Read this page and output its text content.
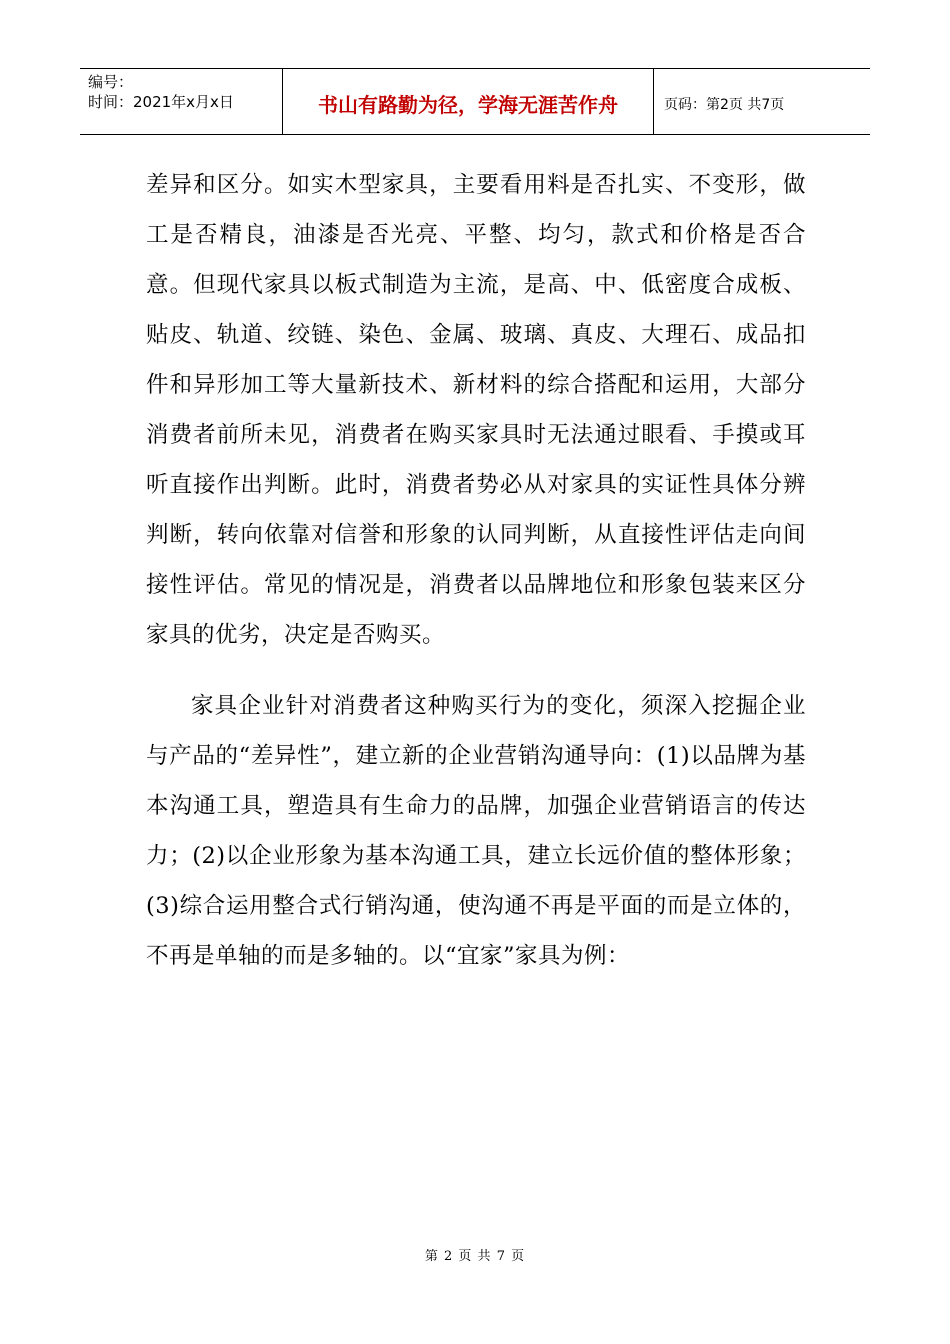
编号：
时间：2021年x月x日	书山有路勤为径，学海无涯苦作舟	页码：第2页 共7页

差异和区分。如实木型家具，主要看用料是否扎实、不变形，做工是否精良，油漆是否光亮、平整、均匀，款式和价格是否合意。但现代家具以板式制造为主流，是高、中、低密度合成板、贴皮、轨道、绞链、染色、金属、玻璃、真皮、大理石、成品扣件和异形加工等大量新技术、新材料的综合搭配和运用，大部分消费者前所未见，消费者在购买家具时无法通过眼看、手摸或耳听直接作出判断。此时，消费者势必从对家具的实证性具体分辨判断，转向依靠对信誉和形象的认同判断，从直接性评估走向间接性评估。常见的情况是，消费者以品牌地位和形象包装来区分家具的优劣，决定是否购买。

家具企业针对消费者这种购买行为的变化，须深入挖掘企业与产品的“差异性”，建立新的企业营销沟通导向：(1)以品牌为基本沟通工具，塑造具有生命力的品牌，加强企业营销语言的传达力；(2)以企业形象为基本沟通工具，建立长远价值的整体形象；(3)综合运用整合式行销沟通，使沟通不再是平面的而是立体的，不再是单轴的而是多轴的。以“宜家”家具为例：

第 2 页 共 7 页
